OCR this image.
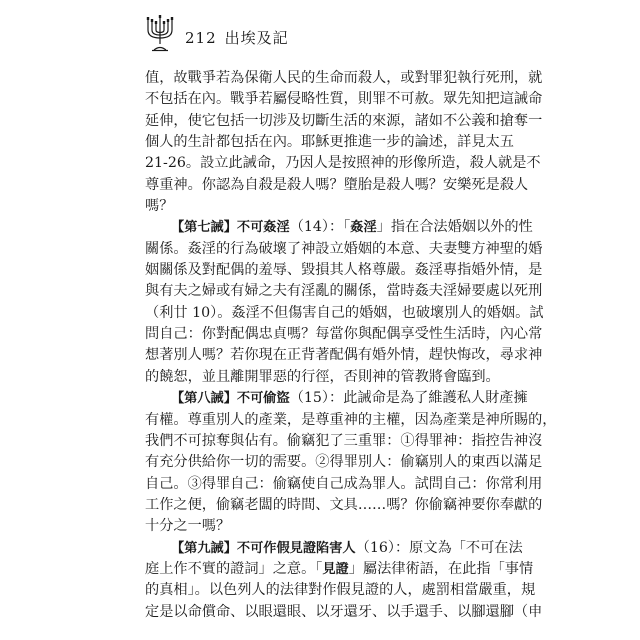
212 出埃及記
值，故戰爭若為保衛人民的生命而殺人，或對罪犯執行死刑，就
不包括在內。戰爭若屬侵略性質，則罪不可赦。眾先知把這誡命
延伸，使它包括一切涉及切斷生活的來源，諸如不公義和搶奪一
個人的生計都包括在內。耶穌更推進一步的論述，詳見太五
21-26。設立此誡命，乃因人是按照神的形像所造，殺人就是不
尊重神。你認為自殺是殺人嗎？墮胎是殺人嗎？安樂死是殺人
嗎？
【第七誡】不可姦淫（14）：「姦淫」指在合法婚姻以外的性
關係。姦淫的行為破壞了神設立婚姻的本意、夫妻雙方神聖的婚
姻關係及對配偶的羞辱、毀損其人格尊嚴。姦淫專指婚外情，是
與有夫之婦或有婦之夫有淫亂的關係，當時姦夫淫婦要處以死刑
（利廿 10）。姦淫不但傷害自己的婚姻，也破壞別人的婚姻。試
問自己：你對配偶忠貞嗎？每當你與配偶享受性生活時，內心常
想著別人嗎？若你現在正背著配偶有婚外情，趕快悔改，尋求神
的饒恕，並且離開罪惡的行徑，否則神的管教將會臨到。
【第八誡】不可偷盜（15）：此誡命是為了維護私人財產擁
有權。尊重別人的產業，是尊重神的主權，因為產業是神所賜的，
我們不可掠奪與佔有。偷竊犯了三重罪：①得罪神：指控告神沒
有充分供給你一切的需要。②得罪別人：偷竊別人的東西以滿足
自己。③得罪自己：偷竊使自己成為罪人。試問自己：你常利用
工作之便，偷竊老闆的時間、文具……嗎？你偷竊神要你奉獻的
十分之一嗎？
【第九誡】不可作假見證陷害人（16）：原文為「不可在法
庭上作不實的證詞」之意。「見證」屬法律術語，在此指「事情
的真相」。以色列人的法律對作假見證的人，處罰相當嚴重，規
定是以命償命、以眼還眼、以牙還牙、以手還手、以腳還腳（申
